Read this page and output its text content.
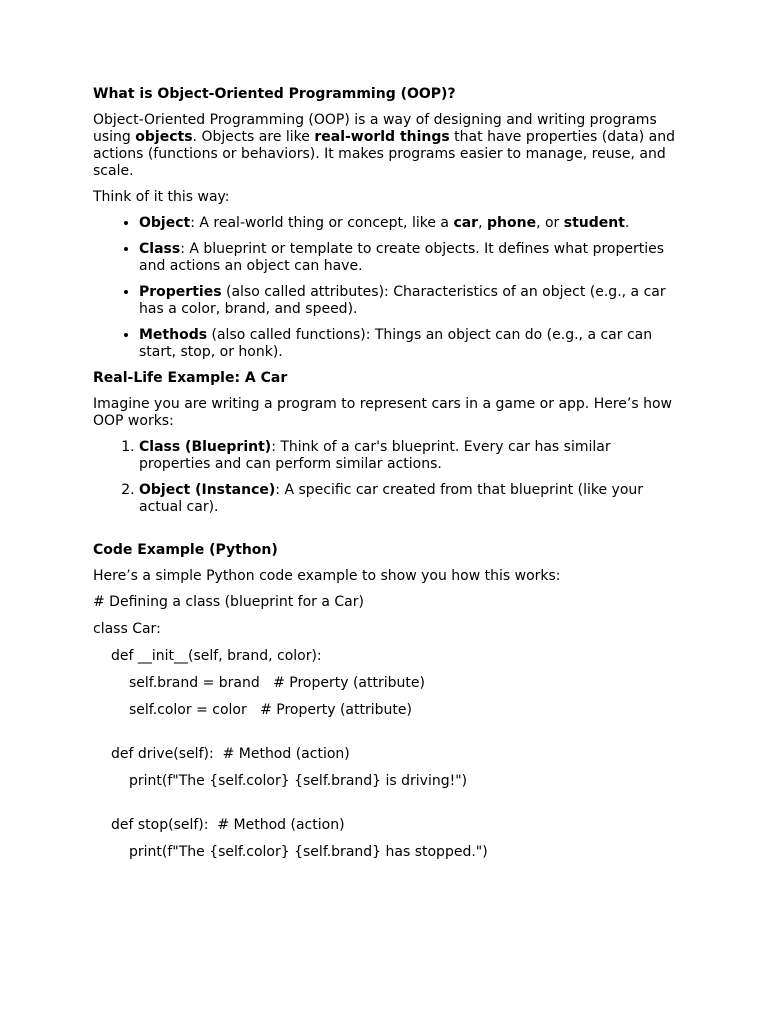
What is Object-Oriented Programming (OOP)?
Object-Oriented Programming (OOP) is a way of designing and writing programs using objects. Objects are like real-world things that have properties (data) and actions (functions or behaviors). It makes programs easier to manage, reuse, and scale.
Think of it this way:
• Object: A real-world thing or concept, like a car, phone, or student.
• Class: A blueprint or template to create objects. It defines what properties and actions an object can have.
• Properties (also called attributes): Characteristics of an object (e.g., a car has a color, brand, and speed).
• Methods (also called functions): Things an object can do (e.g., a car can start, stop, or honk).
Real-Life Example: A Car
Imagine you are writing a program to represent cars in a game or app. Here’s how OOP works:
1. Class (Blueprint): Think of a car's blueprint. Every car has similar properties and can perform similar actions.
2. Object (Instance): A specific car created from that blueprint (like your actual car).
Code Example (Python)
Here’s a simple Python code example to show you how this works:
# Defining a class (blueprint for a Car)
class Car:
def __init__(self, brand, color):
self.brand = brand   # Property (attribute)
self.color = color   # Property (attribute)
def drive(self):  # Method (action)
print(f"The {self.color} {self.brand} is driving!")
def stop(self):  # Method (action)
print(f"The {self.color} {self.brand} has stopped.")
